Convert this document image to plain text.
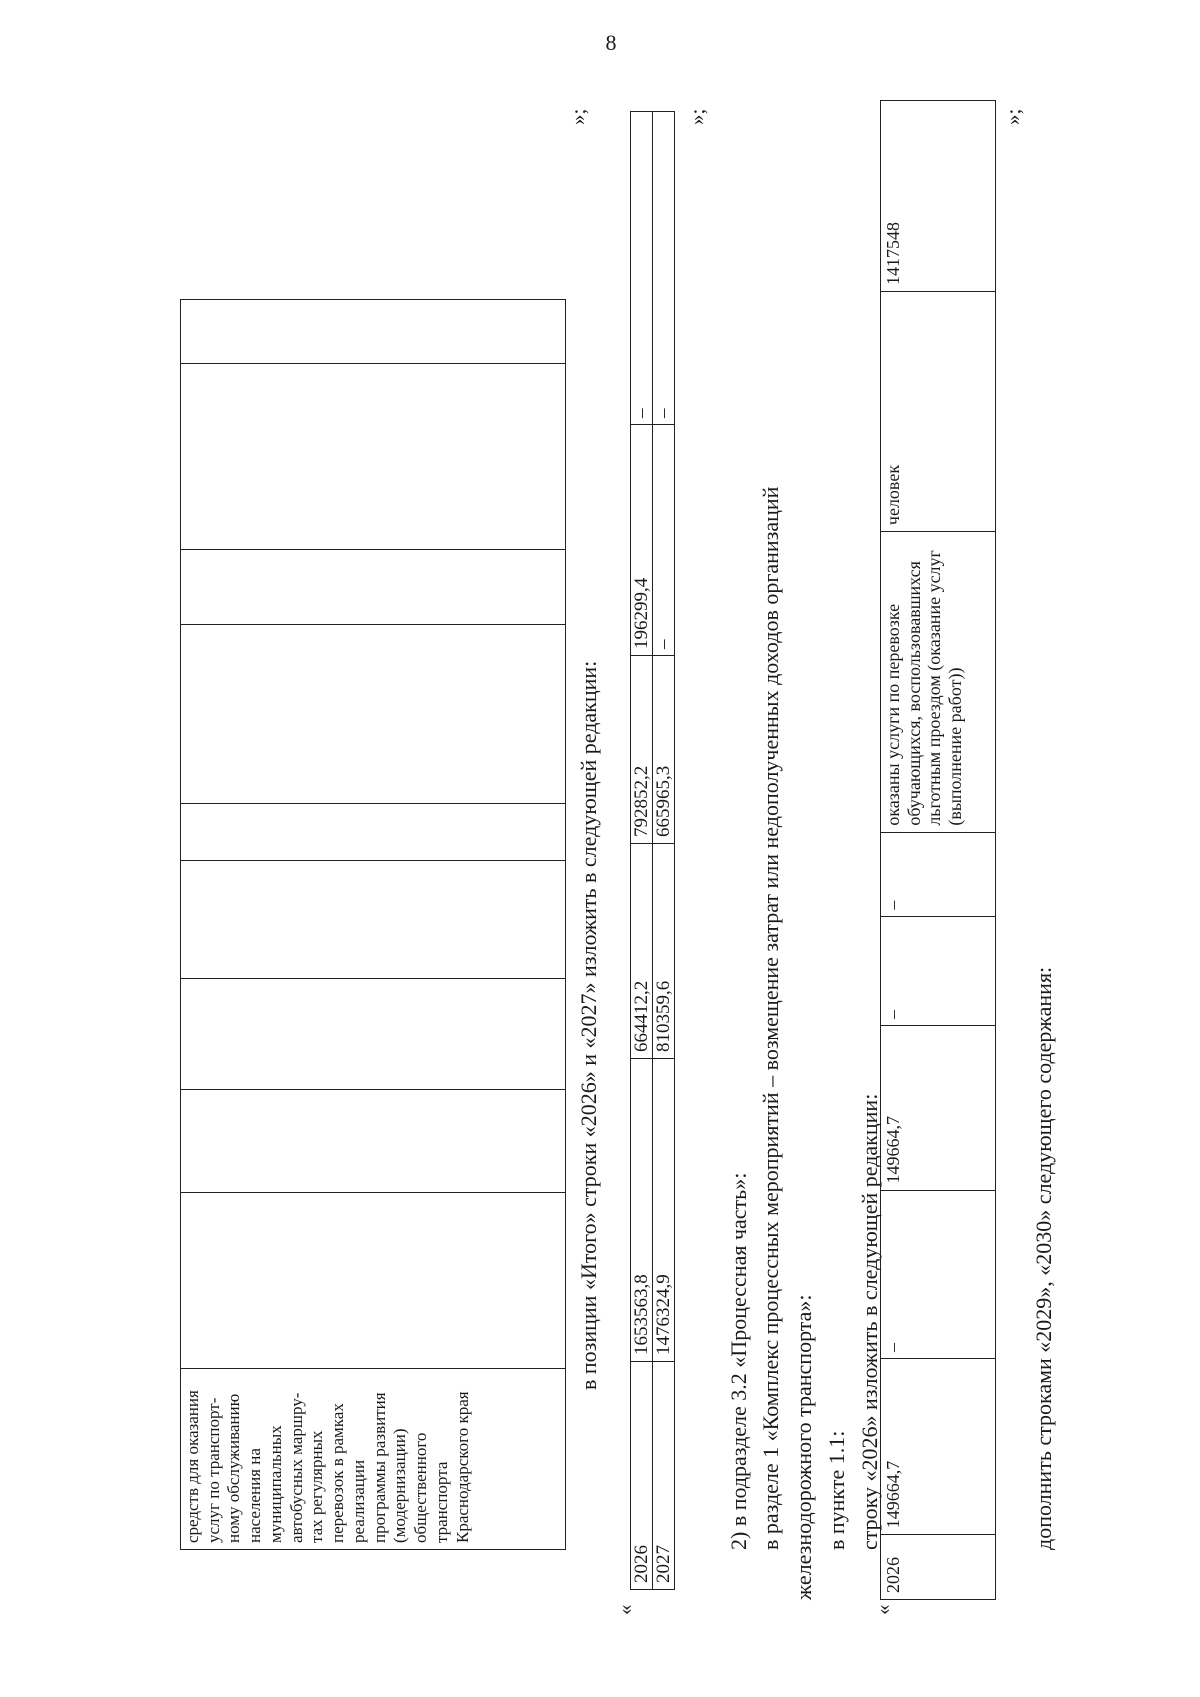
8
средств для оказания услуг по транспорт-ному обслуживанию населения на муниципальных автобусных маршру-тах регулярных перевозок в рамках реализации программы развития (модернизации) общественного транспорта Краснодарского края									
»;
в позиции «Итого» строки «2026» и «2027» изложить в следующей редакции:
«
2026	1653563,8	664412,2	792852,2	196299,4	–
2027	1476324,9	810359,6	665965,3	–	–
»;
2) в подразделе 3.2 «Процессная часть»: в разделе 1 «Комплекс процессных мероприятий – возмещение затрат или недополученных доходов организаций железнодорожного транспорта»: в пункте 1.1: строку «2026» изложить в следующей редакции:
«
2026	149664,7	–	149664,7	–	–	оказаны услуги по перевозке обучающихся, воспользовавшихся льготным проездом (оказание услуг (выполнение работ))	человек	1417548
»;
дополнить строками «2029», «2030» следующего содержания:
